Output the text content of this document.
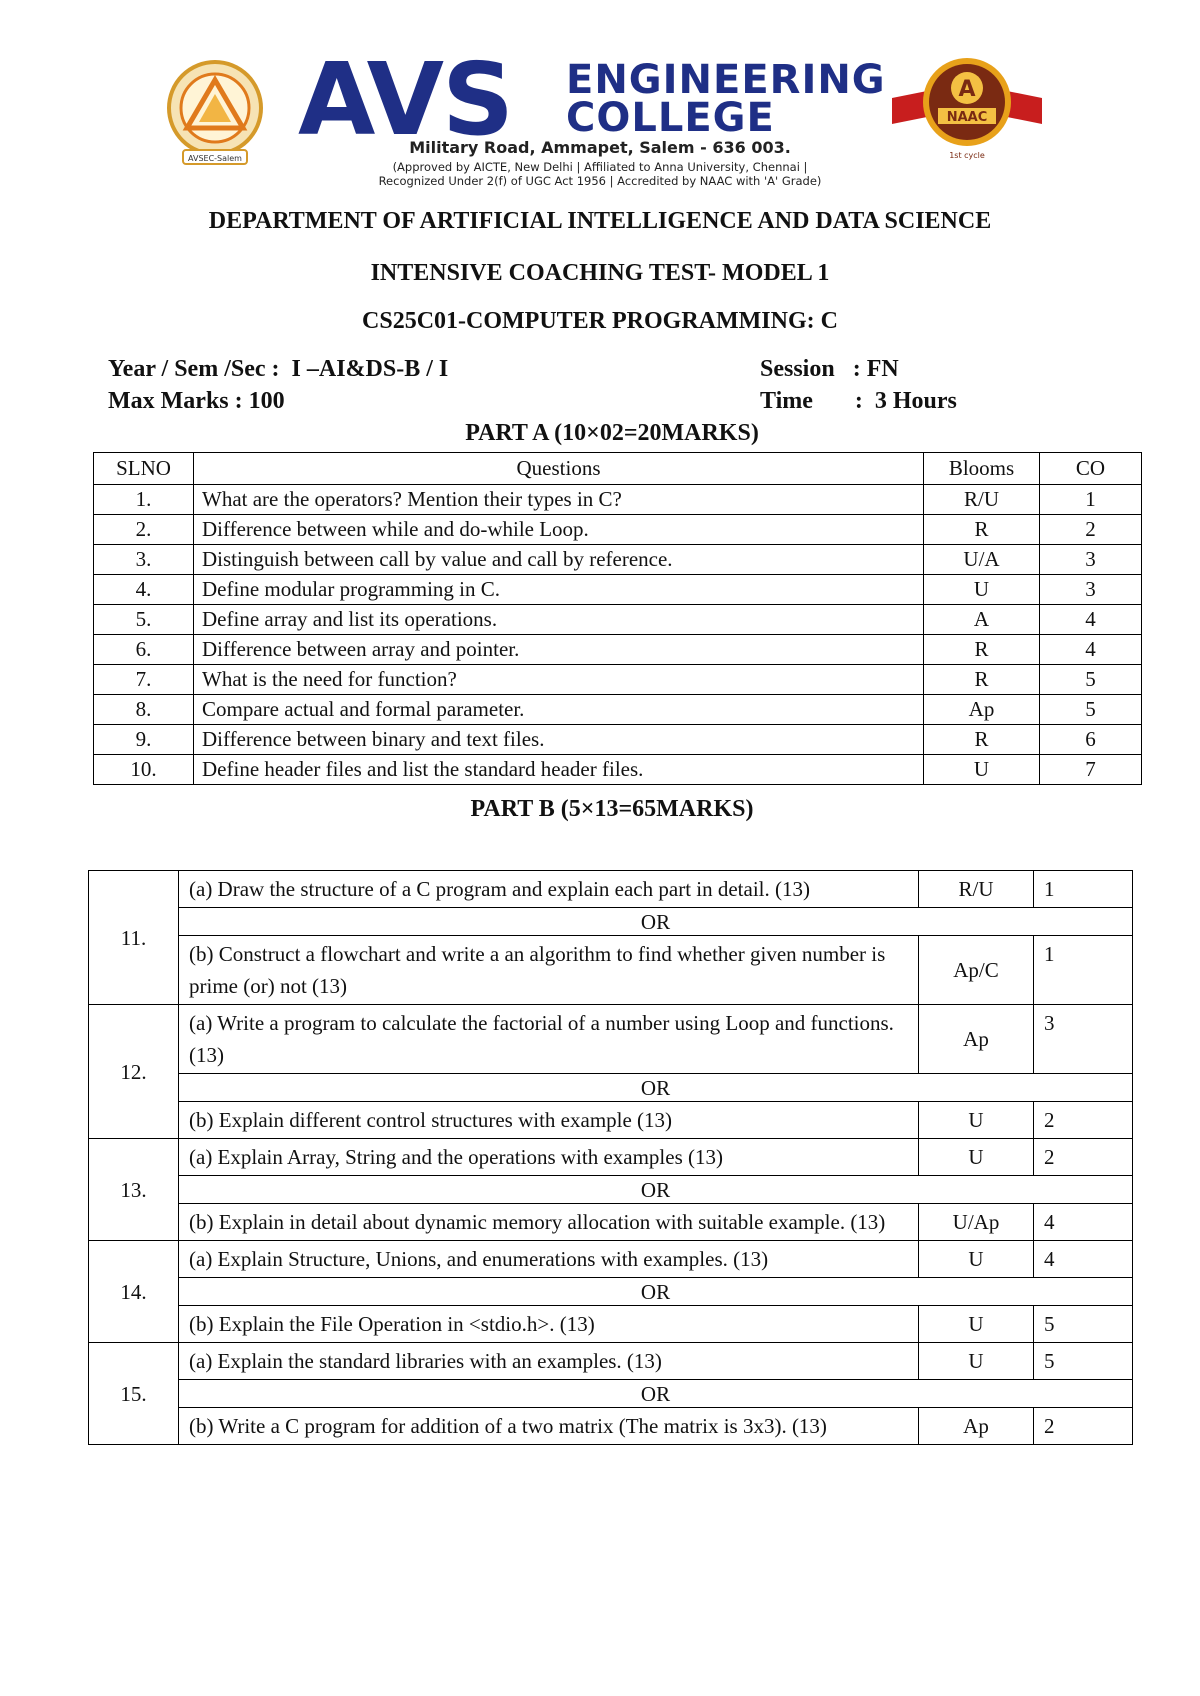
AVSEC-Salem
AVS ENGINEERING
COLLEGE
A
NAAC
1st cycle
Military Road, Ammapet, Salem - 636 003.
(Approved by AICTE, New Delhi | Affiliated to Anna University, Chennai |
Recognized Under 2(f) of UGC Act 1956 | Accredited by NAAC with 'A' Grade)
DEPARTMENT OF ARTIFICIAL INTELLIGENCE AND DATA SCIENCE
INTENSIVE COACHING TEST- MODEL 1
CS25C01-COMPUTER PROGRAMMING: C
Year / Sem /Sec :  I –AI&DS-B / I
Max Marks : 100
Session   : FN
Time       :  3 Hours
PART A (10×02=20MARKS)
SLNO	Questions	Blooms	CO
1.	What are the operators? Mention their types in C?	R/U	1
2.	Difference between while and do-while Loop.	R	2
3.	Distinguish between call by value and call by reference.	U/A	3
4.	Define modular programming in C.	U	3
5.	Define array and list its operations.	A	4
6.	Difference between array and pointer.	R	4
7.	What is the need for function?	R	5
8.	Compare actual and formal parameter.	Ap	5
9.	Difference between binary and text files.	R	6
10.	Define header files and list the standard header files.	U	7
PART B (5×13=65MARKS)
11.	(a) Draw the structure of a C program and explain each part in detail. (13)	R/U	1
	OR		
	(b) Construct a flowchart and write a an algorithm to find whether given number is prime (or) not (13)	Ap/C	1
12.	(a) Write a program to calculate the factorial of a number using Loop and functions.(13)	Ap	3
	OR		
	(b) Explain different control structures with example (13)	U	2
13.	(a) Explain Array, String and the operations with examples (13)	U	2
	OR		
	(b) Explain in detail about dynamic memory allocation with suitable example. (13)	U/Ap	4
14.	(a) Explain Structure, Unions, and enumerations with examples. (13)	U	4
	OR		
	(b) Explain the File Operation in <stdio.h>. (13)	U	5
15.	(a) Explain the standard libraries with an examples. (13)	U	5
	OR		
	(b) Write a C program for addition of a two matrix (The matrix is 3x3). (13)	Ap	2
